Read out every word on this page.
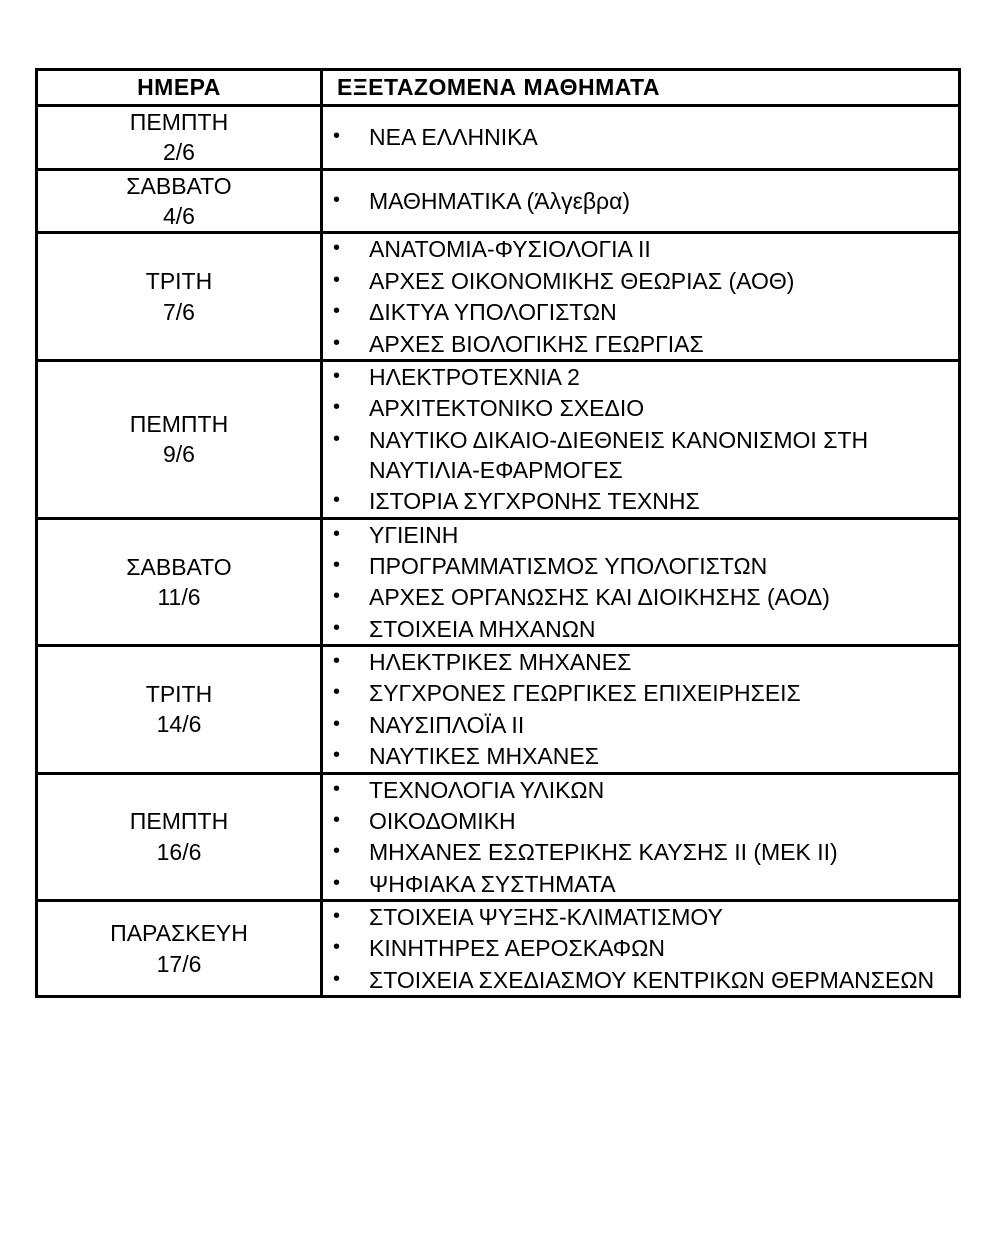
ΗΜΕΡΑ	ΕΞΕΤΑΖΟΜΕΝΑ ΜΑΘΗΜΑΤΑ

ΠΕΜΠΤΗ
2/6

• ΝΕΑ ΕΛΛΗΝΙΚΑ

ΣΑΒΒΑΤΟ
4/6

• ΜΑΘΗΜΑΤΙΚΑ (Άλγεβρα)

ΤΡΙΤΗ
7/6

• ΑΝΑΤΟΜΙΑ-ΦΥΣΙΟΛΟΓΙΑ ΙΙ
• ΑΡΧΕΣ ΟΙΚΟΝΟΜΙΚΗΣ ΘΕΩΡΙΑΣ (ΑΟΘ)
• ΔΙΚΤΥΑ ΥΠΟΛΟΓΙΣΤΩΝ
• ΑΡΧΕΣ ΒΙΟΛΟΓΙΚΗΣ ΓΕΩΡΓΙΑΣ

ΠΕΜΠΤΗ
9/6

• ΗΛΕΚΤΡΟΤΕΧΝΙΑ 2
• ΑΡΧΙΤΕΚΤΟΝΙΚΟ ΣΧΕΔΙΟ
• ΝΑΥΤΙΚΟ ΔΙΚΑΙΟ-ΔΙΕΘΝΕΙΣ ΚΑΝΟΝΙΣΜΟΙ ΣΤΗ ΝΑΥΤΙΛΙΑ-ΕΦΑΡΜΟΓΕΣ
• ΙΣΤΟΡΙΑ ΣΥΓΧΡΟΝΗΣ ΤΕΧΝΗΣ

ΣΑΒΒΑΤΟ
11/6

• ΥΓΙΕΙΝΗ
• ΠΡΟΓΡΑΜΜΑΤΙΣΜΟΣ ΥΠΟΛΟΓΙΣΤΩΝ
• ΑΡΧΕΣ ΟΡΓΑΝΩΣΗΣ ΚΑΙ ΔΙΟΙΚΗΣΗΣ (ΑΟΔ)
• ΣΤΟΙΧΕΙΑ ΜΗΧΑΝΩΝ

ΤΡΙΤΗ
14/6

• ΗΛΕΚΤΡΙΚΕΣ ΜΗΧΑΝΕΣ
• ΣΥΓΧΡΟΝΕΣ ΓΕΩΡΓΙΚΕΣ ΕΠΙΧΕΙΡΗΣΕΙΣ
• ΝΑΥΣΙΠΛΟΪΑ ΙΙ
• ΝΑΥΤΙΚΕΣ ΜΗΧΑΝΕΣ

ΠΕΜΠΤΗ
16/6

• ΤΕΧΝΟΛΟΓΙΑ ΥΛΙΚΩΝ
• ΟΙΚΟΔΟΜΙΚΗ
• ΜΗΧΑΝΕΣ ΕΣΩΤΕΡΙΚΗΣ ΚΑΥΣΗΣ ΙΙ (ΜΕΚ ΙΙ)
• ΨΗΦΙΑΚΑ ΣΥΣΤΗΜΑΤΑ

ΠΑΡΑΣΚΕΥΗ
17/6

• ΣΤΟΙΧΕΙΑ ΨΥΞΗΣ-ΚΛΙΜΑΤΙΣΜΟΥ
• ΚΙΝΗΤΗΡΕΣ ΑΕΡΟΣΚΑΦΩΝ
• ΣΤΟΙΧΕΙΑ ΣΧΕΔΙΑΣΜΟΥ ΚΕΝΤΡΙΚΩΝ ΘΕΡΜΑΝΣΕΩΝ
